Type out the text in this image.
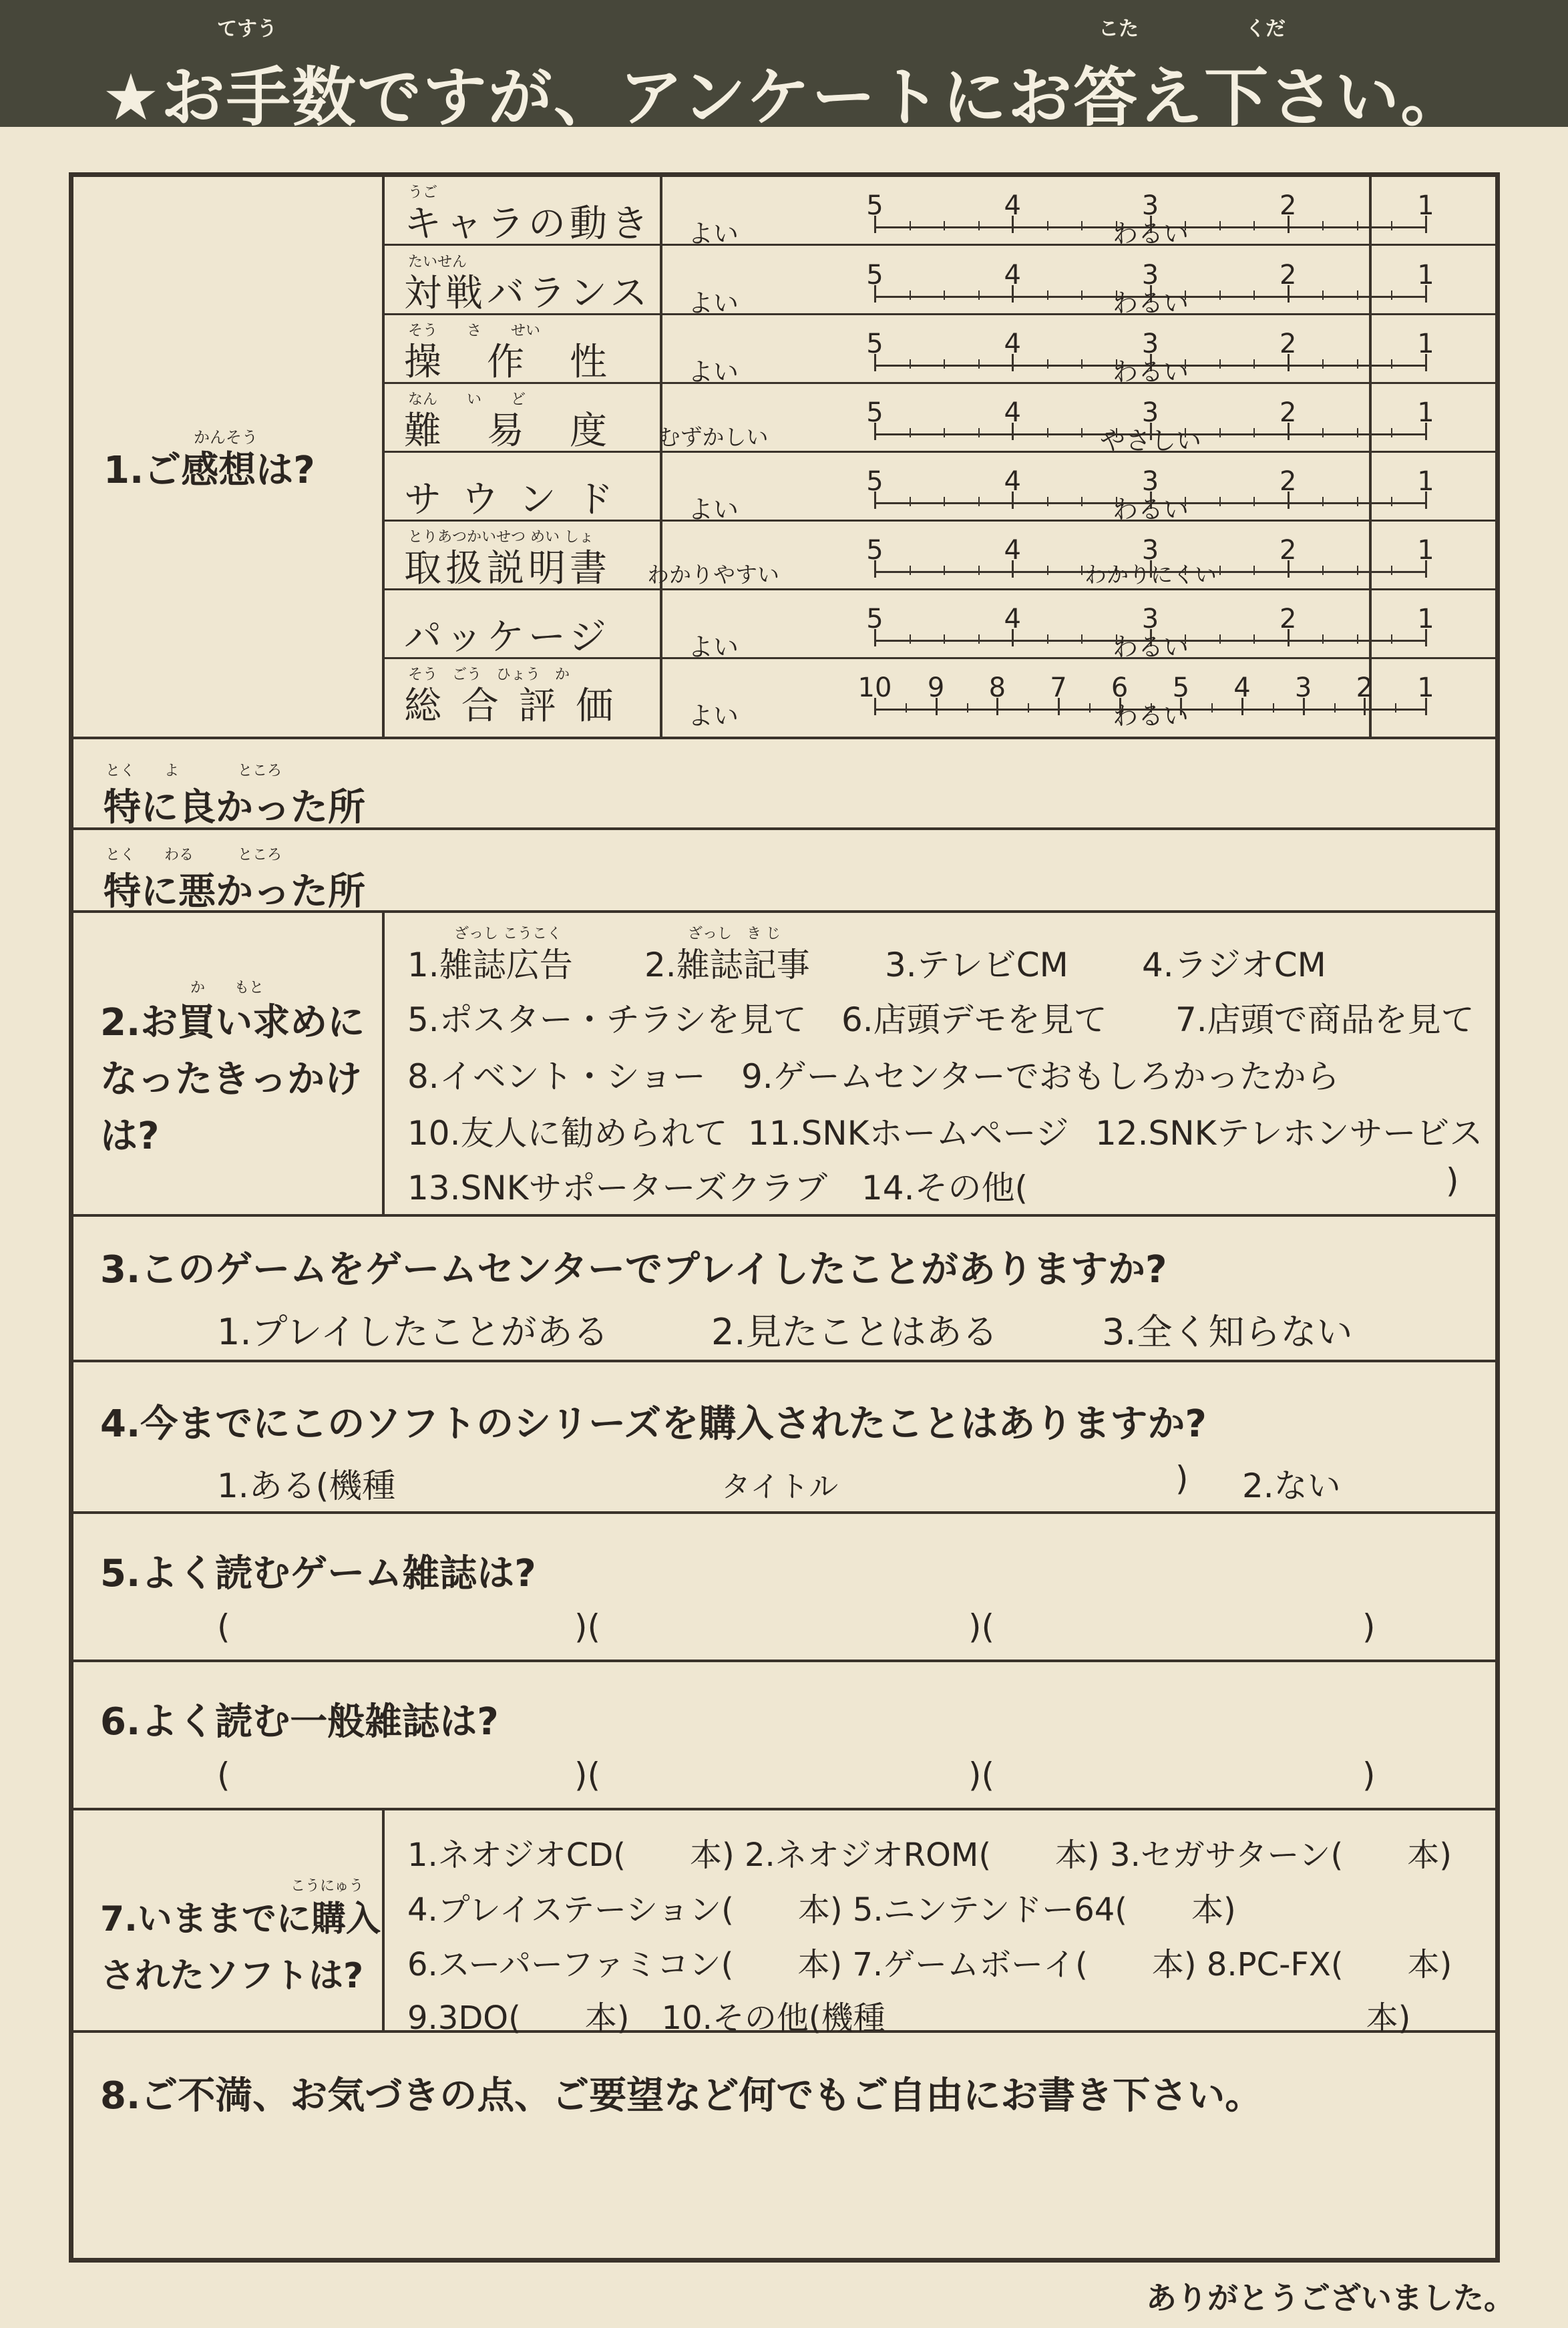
てすう	こた	くだ
★お手数ですが、アンケートにお答え下さい。
かんそう
1.ご感想は?
うご
キャラの動き	よい
5	4	3	2	1
わるい
たいせん
対戦バランス	よい
5	4	3	2	1
わるい
そう　　さ　　せい
操　作　性	よい
5	4	3	2	1
わるい
なん　　い　　ど
難　易　度	むずかしい
5	4	3	2	1
やさしい
サ ウ ン ド	よい
5	4	3	2	1
わるい
とりあつかいせつ めい しょ
取扱説明書 わかりやすい
5	4	3	2	1
わかりにくい
パッケージ	よい
5	4	3	2	1
わるい
そう　ごう　ひょう　か
総 合 評 価	よい
10 9 8 7 6 5 4 3 2 1
わるい
とく　　よ　　　　ところ
特に良かった所
とく　　わる　　　ところ
特に悪かった所
か　　もと
2.お買い求めに
なったきっかけ
は?
ざっし こうこく	ざっし　き じ
1.雑誌広告 2.雑誌記事 3.テレビCM 4.ラジオCM
5.ポスター・チラシを見て 6.店頭デモを見て 7.店頭で商品を見て
8.イベント・ショー 9.ゲームセンターでおもしろかったから
10.友人に勧められて 11.SNKホームページ 12.SNKテレホンサービス
13.SNKサポーターズクラブ 14.その他(	)
3.このゲームをゲームセンターでプレイしたことがありますか?
1.プレイしたことがある	2.見たことはある	3.全く知らない
4.今までにこのソフトのシリーズを購入されたことはありますか?
1.ある(機種	タイトル	) 2.ない
5.よく読むゲーム雑誌は?
(	)(	)(	)
6.よく読む一般雑誌は?
(	)(	)(	)
こうにゅう
7.いままでに購入
されたソフトは?
1.ネオジオCD(　　本) 2.ネオジオROM(　　本) 3.セガサターン(　　本)
4.プレイステーション(　　本) 5.ニンテンドー64(　　本)
6.スーパーファミコン(　　本) 7.ゲームボーイ(　　本) 8.PC-FX(　　本)
9.3DO(　　本)　10.その他(機種　　　　　　　　　　　　　　　本)
8.ご不満、お気づきの点、ご要望など何でもご自由にお書き下さい。
ありがとうございました。
